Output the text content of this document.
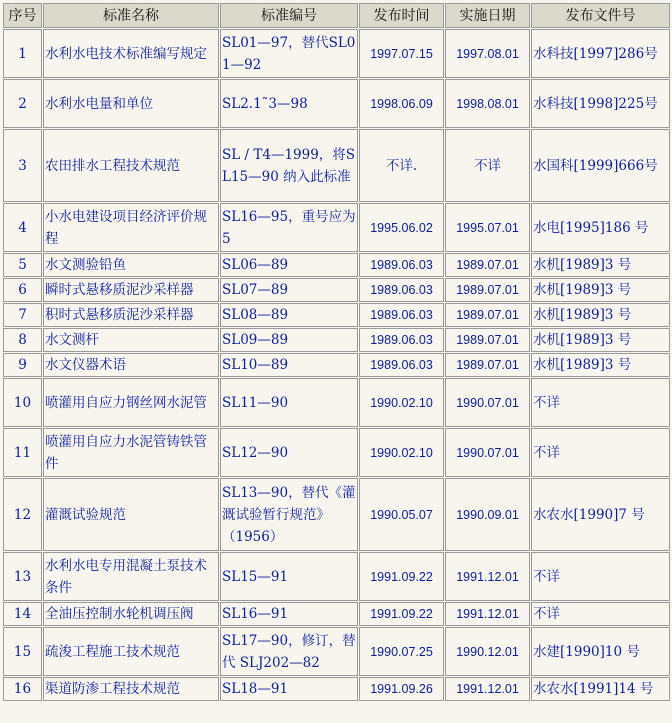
序号	标准名称	标准编号	发布时间	实施日期	发布文件号
1	水利水电技术标准编写规定	SL01—97，替代SL01—92	1997.07.15	1997.08.01	水科技[1997]286号
2	水利水电量和单位	SL2.1˜3—98	1998.06.09	1998.08.01	水科技[1998]225号
3	农田排水工程技术规范	SL / T4—1999，将SL15—90 纳入此标准	不详.	不详	水国科[1999]666号
4	小水电建设项目经济评价规程	SL16—95，重号应为 5	1995.06.02	1995.07.01	水电[1995]186 号
5	水文测验铅鱼	SL06—89	1989.06.03	1989.07.01	水机[1989]3 号
6	瞬时式悬移质泥沙采样器	SL07—89	1989.06.03	1989.07.01	水机[1989]3 号
7	积时式悬移质泥沙采样器	SL08—89	1989.06.03	1989.07.01	水机[1989]3 号
8	水文测杆	SL09—89	1989.06.03	1989.07.01	水机[1989]3 号
9	水文仪器术语	SL10—89	1989.06.03	1989.07.01	水机[1989]3 号
10	喷灌用自应力钢丝网水泥管	SL11—90	1990.02.10	1990.07.01	不详
11	喷灌用自应力水泥管铸铁管件	SL12—90	1990.02.10	1990.07.01	不详
12	灌溉试验规范	SL13—90，替代《灌溉试验暂行规范》 （1956）	1990.05.07	1990.09.01	水农水[1990]7 号
13	水利水电专用混凝土泵技术条件	SL15—91	1991.09.22	1991.12.01	不详
14	全油压控制水轮机调压阀	SL16—91	1991.09.22	1991.12.01	不详
15	疏浚工程施工技术规范	SL17—90，修订，替代 SLJ202—82	1990.07.25	1990.12.01	水建[1990]10 号
16	渠道防渗工程技术规范	SL18—91	1991.09.26	1991.12.01	水农水[1991]14 号
